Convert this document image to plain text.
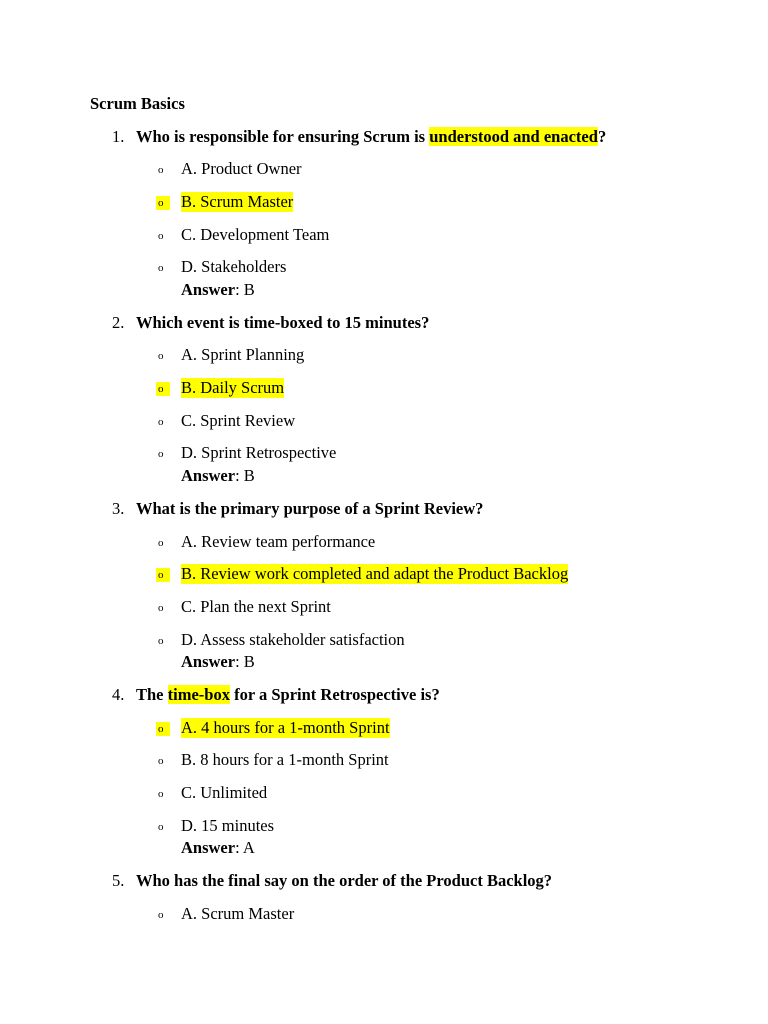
Scrum Basics
1. Who is responsible for ensuring Scrum is understood and enacted?
o A. Product Owner
o	B. Scrum Master
o C. Development Team
o D. Stakeholders
Answer: B
2. Which event is time-boxed to 15 minutes?
o A. Sprint Planning
o	B. Daily Scrum
o C. Sprint Review
o D. Sprint Retrospective
Answer: B
3. What is the primary purpose of a Sprint Review?
o A. Review team performance
o	B. Review work completed and adapt the Product Backlog
o C. Plan the next Sprint
o D. Assess stakeholder satisfaction
Answer: B
4. The time-box for a Sprint Retrospective is?
o	A. 4 hours for a 1-month Sprint
o B. 8 hours for a 1-month Sprint
o C. Unlimited
o D. 15 minutes
Answer: A
5. Who has the final say on the order of the Product Backlog?
o A. Scrum Master
